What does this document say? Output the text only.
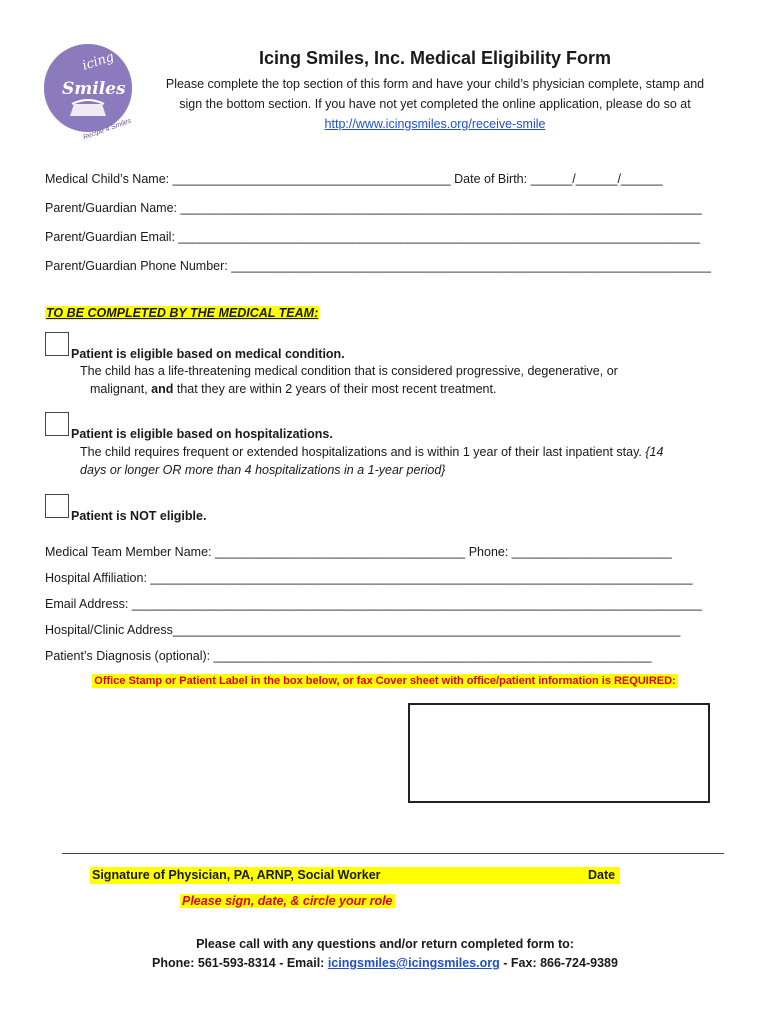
icing
Smiles
Recipe 4 Smiles
Icing Smiles, Inc. Medical Eligibility Form
Please complete the top section of this form and have your child’s physician complete, stamp and
sign the bottom section. If you have not yet completed the online application, please do so at
http://www.icingsmiles.org/receive-smile
Medical Child’s Name: ________________________________________ Date of Birth: ______/______/______
Parent/Guardian Name: ___________________________________________________________________________
Parent/Guardian Email: ___________________________________________________________________________
Parent/Guardian Phone Number: _____________________________________________________________________
TO BE COMPLETED BY THE MEDICAL TEAM:
Patient is eligible based on medical condition.
The child has a life-threatening medical condition that is considered progressive, degenerative, or
malignant, and that they are within 2 years of their most recent treatment.
Patient is eligible based on hospitalizations.
The child requires frequent or extended hospitalizations and is within 1 year of their last inpatient stay. {14
days or longer OR more than 4 hospitalizations in a 1-year period}
Patient is NOT eligible.
Medical Team Member Name: ____________________________________ Phone: _______________________
Hospital Affiliation: ______________________________________________________________________________
Email Address: __________________________________________________________________________________
Hospital/Clinic Address_________________________________________________________________________
Patient’s Diagnosis (optional): _______________________________________________________________
Office Stamp or Patient Label in the box below, or fax Cover sheet with office/patient information is REQUIRED:
Signature of Physician, PA, ARNP, Social Worker	Date
Please sign, date, & circle your role
Please call with any questions and/or return completed form to:
Phone: 561-593-8314 - Email: icingsmiles@icingsmiles.org - Fax: 866-724-9389
